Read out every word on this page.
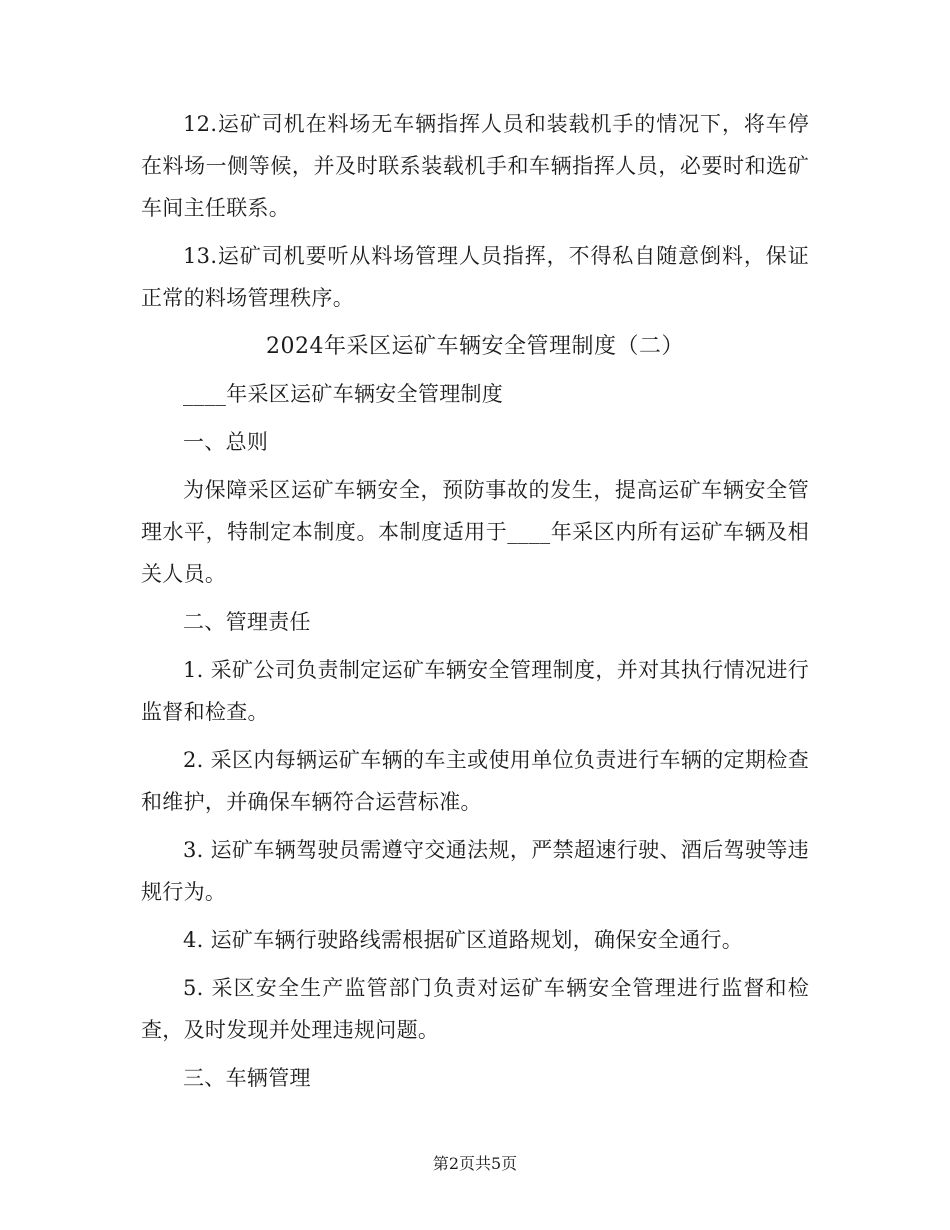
12.运矿司机在料场无车辆指挥人员和装载机手的情况下，将车停在料场一侧等候，并及时联系装载机手和车辆指挥人员，必要时和选矿车间主任联系。

13.运矿司机要听从料场管理人员指挥，不得私自随意倒料，保证正常的料场管理秩序。

2024年采区运矿车辆安全管理制度（二）

____年采区运矿车辆安全管理制度

一、总则

为保障采区运矿车辆安全，预防事故的发生，提高运矿车辆安全管理水平，特制定本制度。本制度适用于____年采区内所有运矿车辆及相关人员。

二、管理责任

1. 采矿公司负责制定运矿车辆安全管理制度，并对其执行情况进行监督和检查。

2. 采区内每辆运矿车辆的车主或使用单位负责进行车辆的定期检查和维护，并确保车辆符合运营标准。

3. 运矿车辆驾驶员需遵守交通法规，严禁超速行驶、酒后驾驶等违规行为。

4. 运矿车辆行驶路线需根据矿区道路规划，确保安全通行。

5. 采区安全生产监管部门负责对运矿车辆安全管理进行监督和检查，及时发现并处理违规问题。

三、车辆管理

第2页共5页
